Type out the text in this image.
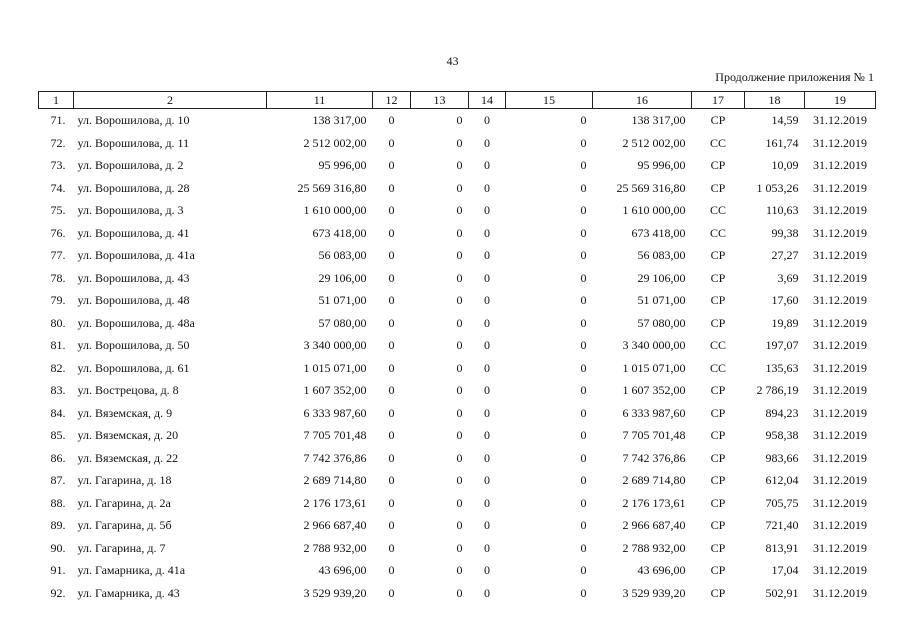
43
Продолжение приложения № 1
1	2	11	12	13	14	15	16	17	18	19
71.	ул. Ворошилова, д. 10	138 317,00	0	0	0	0	138 317,00	СР	14,59	31.12.2019
72.	ул. Ворошилова, д. 11	2 512 002,00	0	0	0	0	2 512 002,00	СС	161,74	31.12.2019
73.	ул. Ворошилова, д. 2	95 996,00	0	0	0	0	95 996,00	СР	10,09	31.12.2019
74.	ул. Ворошилова, д. 28	25 569 316,80	0	0	0	0	25 569 316,80	СР	1 053,26	31.12.2019
75.	ул. Ворошилова, д. 3	1 610 000,00	0	0	0	0	1 610 000,00	СС	110,63	31.12.2019
76.	ул. Ворошилова, д. 41	673 418,00	0	0	0	0	673 418,00	СС	99,38	31.12.2019
77.	ул. Ворошилова, д. 41а	56 083,00	0	0	0	0	56 083,00	СР	27,27	31.12.2019
78.	ул. Ворошилова, д. 43	29 106,00	0	0	0	0	29 106,00	СР	3,69	31.12.2019
79.	ул. Ворошилова, д. 48	51 071,00	0	0	0	0	51 071,00	СР	17,60	31.12.2019
80.	ул. Ворошилова, д. 48а	57 080,00	0	0	0	0	57 080,00	СР	19,89	31.12.2019
81.	ул. Ворошилова, д. 50	3 340 000,00	0	0	0	0	3 340 000,00	СС	197,07	31.12.2019
82.	ул. Ворошилова, д. 61	1 015 071,00	0	0	0	0	1 015 071,00	СС	135,63	31.12.2019
83.	ул. Вострецова, д. 8	1 607 352,00	0	0	0	0	1 607 352,00	СР	2 786,19	31.12.2019
84.	ул. Вяземская, д. 9	6 333 987,60	0	0	0	0	6 333 987,60	СР	894,23	31.12.2019
85.	ул. Вяземская, д. 20	7 705 701,48	0	0	0	0	7 705 701,48	СР	958,38	31.12.2019
86.	ул. Вяземская, д. 22	7 742 376,86	0	0	0	0	7 742 376,86	СР	983,66	31.12.2019
87.	ул. Гагарина, д. 18	2 689 714,80	0	0	0	0	2 689 714,80	СР	612,04	31.12.2019
88.	ул. Гагарина, д. 2а	2 176 173,61	0	0	0	0	2 176 173,61	СР	705,75	31.12.2019
89.	ул. Гагарина, д. 5б	2 966 687,40	0	0	0	0	2 966 687,40	СР	721,40	31.12.2019
90.	ул. Гагарина, д. 7	2 788 932,00	0	0	0	0	2 788 932,00	СР	813,91	31.12.2019
91.	ул. Гамарника, д. 41а	43 696,00	0	0	0	0	43 696,00	СР	17,04	31.12.2019
92.	ул. Гамарника, д. 43	3 529 939,20	0	0	0	0	3 529 939,20	СР	502,91	31.12.2019
